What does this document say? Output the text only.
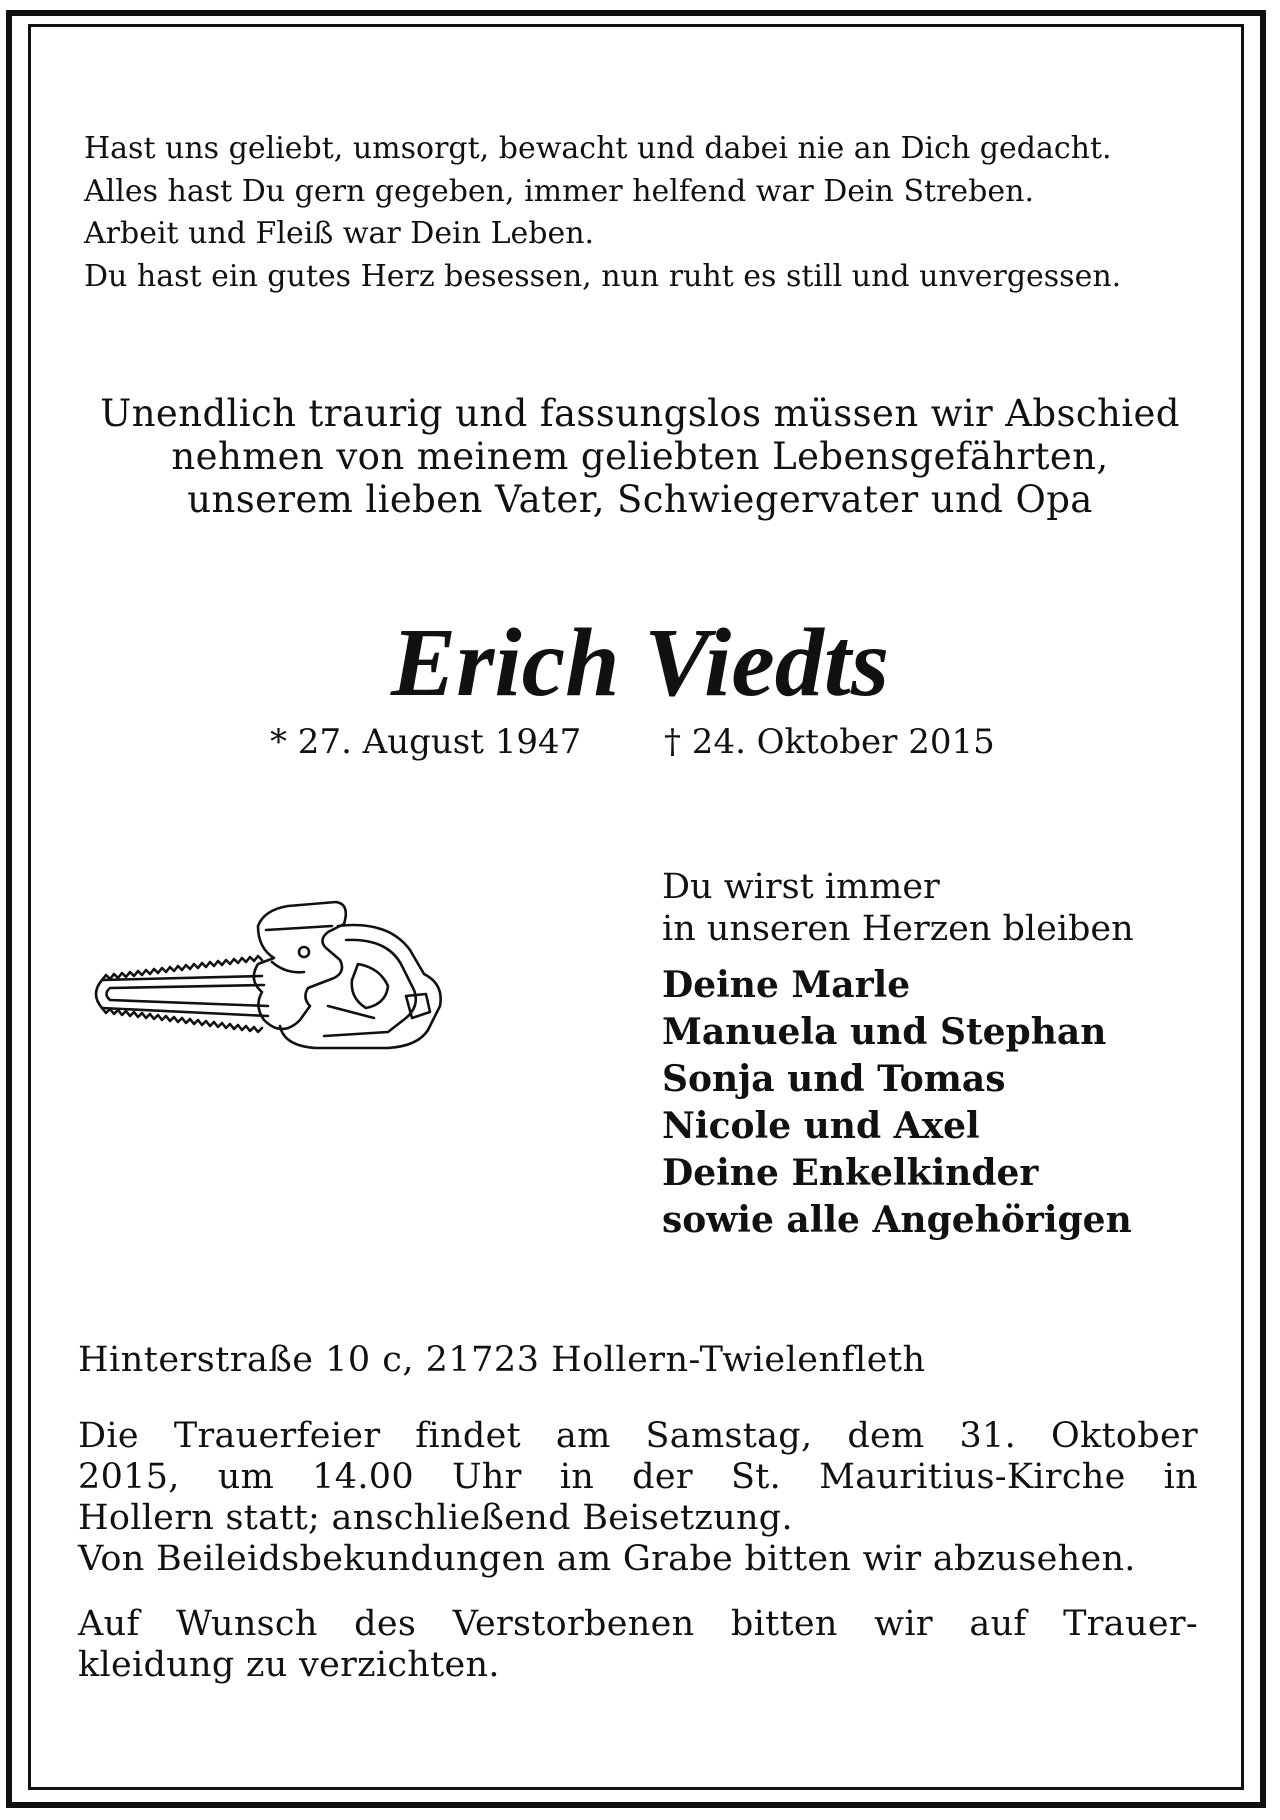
Hast uns geliebt, umsorgt, bewacht und dabei nie an Dich gedacht.
Alles hast Du gern gegeben, immer helfend war Dein Streben.
Arbeit und Fleiß war Dein Leben.
Du hast ein gutes Herz besessen, nun ruht es still und unvergessen.
Unendlich traurig und fassungslos müssen wir Abschied
nehmen von meinem geliebten Lebensgefährten,
unserem lieben Vater, Schwiegervater und Opa
Erich Viedts
* 27. August 1947 † 24. Oktober 2015
Du wirst immer
in unseren Herzen bleiben
Deine Marle
Manuela und Stephan
Sonja und Tomas
Nicole und Axel
Deine Enkelkinder
sowie alle Angehörigen
Hinterstraße 10 c, 21723 Hollern-Twielenfleth
Die Trauerfeier findet am Samstag, dem 31. Oktober
2015, um 14.00 Uhr in der St. Mauritius-Kirche in
Hollern statt; anschließend Beisetzung.
Von Beileidsbekundungen am Grabe bitten wir abzusehen.
Auf Wunsch des Verstorbenen bitten wir auf Trauer-
kleidung zu verzichten.
